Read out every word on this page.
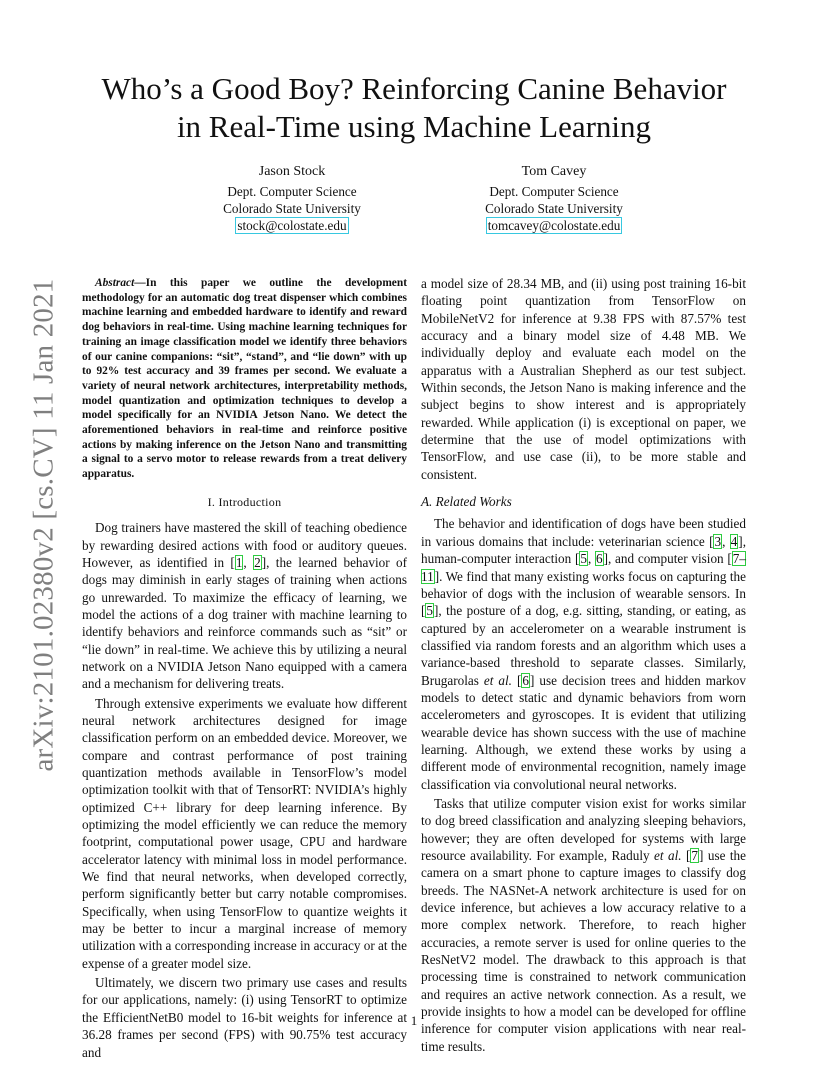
arXiv:2101.02380v2 [cs.CV] 11 Jan 2021
Who’s a Good Boy? Reinforcing Canine Behavior
in Real-Time using Machine Learning
Jason Stock
Dept. Computer Science
Colorado State University
stock@colostate.edu
Tom Cavey
Dept. Computer Science
Colorado State University
tomcavey@colostate.edu

Abstract—In this paper we outline the development methodology for an automatic dog treat dispenser which combines machine learning and embedded hardware to identify and reward dog behaviors in real-time. Using machine learning techniques for training an image classification model we identify three behaviors of our canine companions: “sit”, “stand”, and “lie down” with up to 92% test accuracy and 39 frames per second. We evaluate a variety of neural network architectures, interpretability methods, model quantization and optimization techniques to develop a model specifically for an NVIDIA Jetson Nano. We detect the aforementioned behaviors in real-time and reinforce positive actions by making inference on the Jetson Nano and transmitting a signal to a servo motor to release rewards from a treat delivery apparatus.

I. Introduction

Dog trainers have mastered the skill of teaching obedience by rewarding desired actions with food or auditory queues. However, as identified in [1, 2], the learned behavior of dogs may diminish in early stages of training when actions go unrewarded. To maximize the efficacy of learning, we model the actions of a dog trainer with machine learning to identify behaviors and reinforce commands such as “sit” or “lie down” in real-time. We achieve this by utilizing a neural network on a NVIDIA Jetson Nano equipped with a camera and a mechanism for delivering treats.

Through extensive experiments we evaluate how different neural network architectures designed for image classification perform on an embedded device. Moreover, we compare and contrast performance of post training quantization methods available in TensorFlow’s model optimization toolkit with that of TensorRT: NVIDIA’s highly optimized C++ library for deep learning inference. By optimizing the model efficiently we can reduce the memory footprint, computational power usage, CPU and hardware accelerator latency with minimal loss in model performance. We find that neural networks, when developed correctly, perform significantly better but carry notable compromises. Specifically, when using TensorFlow to quantize weights it may be better to incur a marginal increase of memory utilization with a corresponding increase in accuracy or at the expense of a greater model size.

Ultimately, we discern two primary use cases and results for our applications, namely: (i) using TensorRT to optimize the EfficientNetB0 model to 16-bit weights for inference at 36.28 frames per second (FPS) with 90.75% test accuracy and

a model size of 28.34 MB, and (ii) using post training 16-bit floating point quantization from TensorFlow on MobileNetV2 for inference at 9.38 FPS with 87.57% test accuracy and a binary model size of 4.48 MB. We individually deploy and evaluate each model on the apparatus with a Australian Shepherd as our test subject. Within seconds, the Jetson Nano is making inference and the subject begins to show interest and is appropriately rewarded. While application (i) is exceptional on paper, we determine that the use of model optimizations with TensorFlow, and use case (ii), to be more stable and consistent.

A. Related Works

The behavior and identification of dogs have been studied in various domains that include: veterinarian science [3, 4], human-computer interaction [5, 6], and computer vision [7–11]. We find that many existing works focus on capturing the behavior of dogs with the inclusion of wearable sensors. In [5], the posture of a dog, e.g. sitting, standing, or eating, as captured by an accelerometer on a wearable instrument is classified via random forests and an algorithm which uses a variance-based threshold to separate classes. Similarly, Brugarolas et al. [6] use decision trees and hidden markov models to detect static and dynamic behaviors from worn accelerometers and gyroscopes. It is evident that utilizing wearable device has shown success with the use of machine learning. Although, we extend these works by using a different mode of environmental recognition, namely image classification via convolutional neural networks.

Tasks that utilize computer vision exist for works similar to dog breed classification and analyzing sleeping behaviors, however; they are often developed for systems with large resource availability. For example, Raduly et al. [7] use the camera on a smart phone to capture images to classify dog breeds. The NASNet-A network architecture is used for on device inference, but achieves a low accuracy relative to a more complex network. Therefore, to reach higher accuracies, a remote server is used for online queries to the ResNetV2 model. The drawback to this approach is that processing time is constrained to network communication and requires an active network connection. As a result, we provide insights to how a model can be developed for offline inference for computer vision applications with near real-time results.

1
